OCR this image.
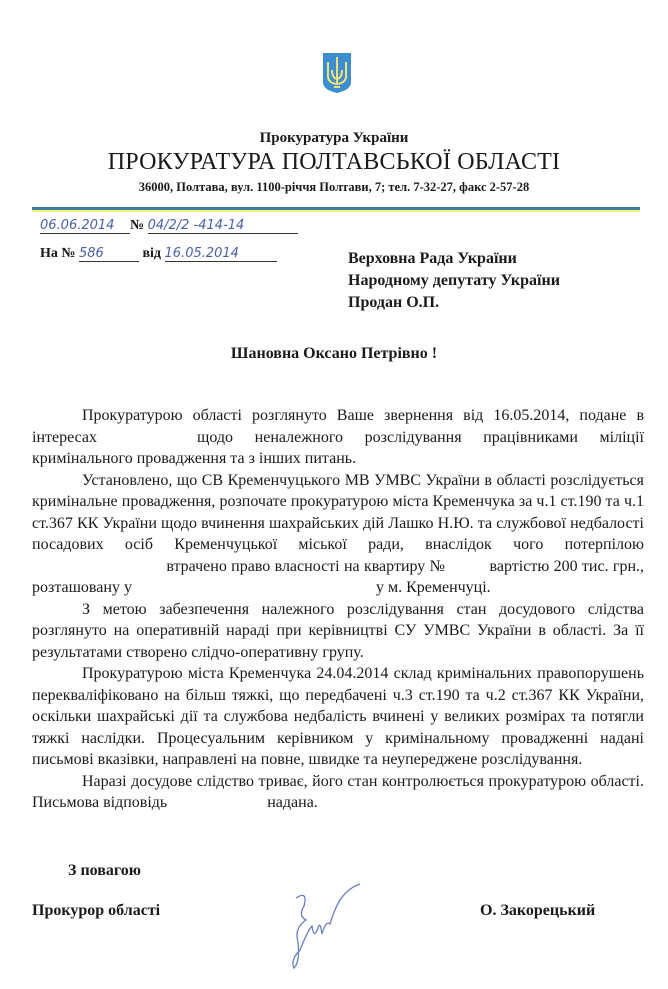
Прокуратура України
ПРОКУРАТУРА ПОЛТАВСЬКОЇ ОБЛАСТІ
36000, Полтава, вул. 1100-річчя Полтави, 7; тел. 7-32-27, факс 2-57-28
06.06.2014 № 04/2/2 -414-14
На № 586	від 16.05.2014	Верховна Рада України
Народному депутату України
Продан О.П.
Шановна Оксано Петрівно !

Прокуратурою області розглянуто Ваше звернення від 16.05.2014, подане в інтересах	щодо неналежного розслідування працівниками міліції кримінального провадження та з інших питань.

Установлено, що СВ Кременчуцького МВ УМВС України в області розслідується кримінальне провадження, розпочате прокуратурою міста Кременчука за ч.1 ст.190 та ч.1 ст.367 КК України щодо вчинення шахрайських дій Лашко Н.Ю. та службової недбалості посадових осіб Кременчуцької міської ради, внаслідок чого потерпілою втрачено право власності на квартиру №	вартістю 200 тис. грн., розташовану у	у м. Кременчуці.

З метою забезпечення належного розслідування стан досудового слідства розглянуто на оперативній нараді при керівництві СУ УМВС України в області. За її результатами створено слідчо-оперативну групу.

Прокуратурою міста Кременчука 24.04.2014 склад кримінальних правопорушень перекваліфіковано на більш тяжкі, що передбачені ч.3 ст.190 та ч.2 ст.367 КК України, оскільки шахрайські дії та службова недбалість вчинені у великих розмірах та потягли тяжкі наслідки. Процесуальним керівником у кримінальному провадженні надані письмові вказівки, направлені на повне, швидке та неупереджене розслідування.

Наразі досудове слідство триває, його стан контролюється прокуратурою області. Письмова відповідь	надана.

З повагою
Прокурор області	О. Закорецький
